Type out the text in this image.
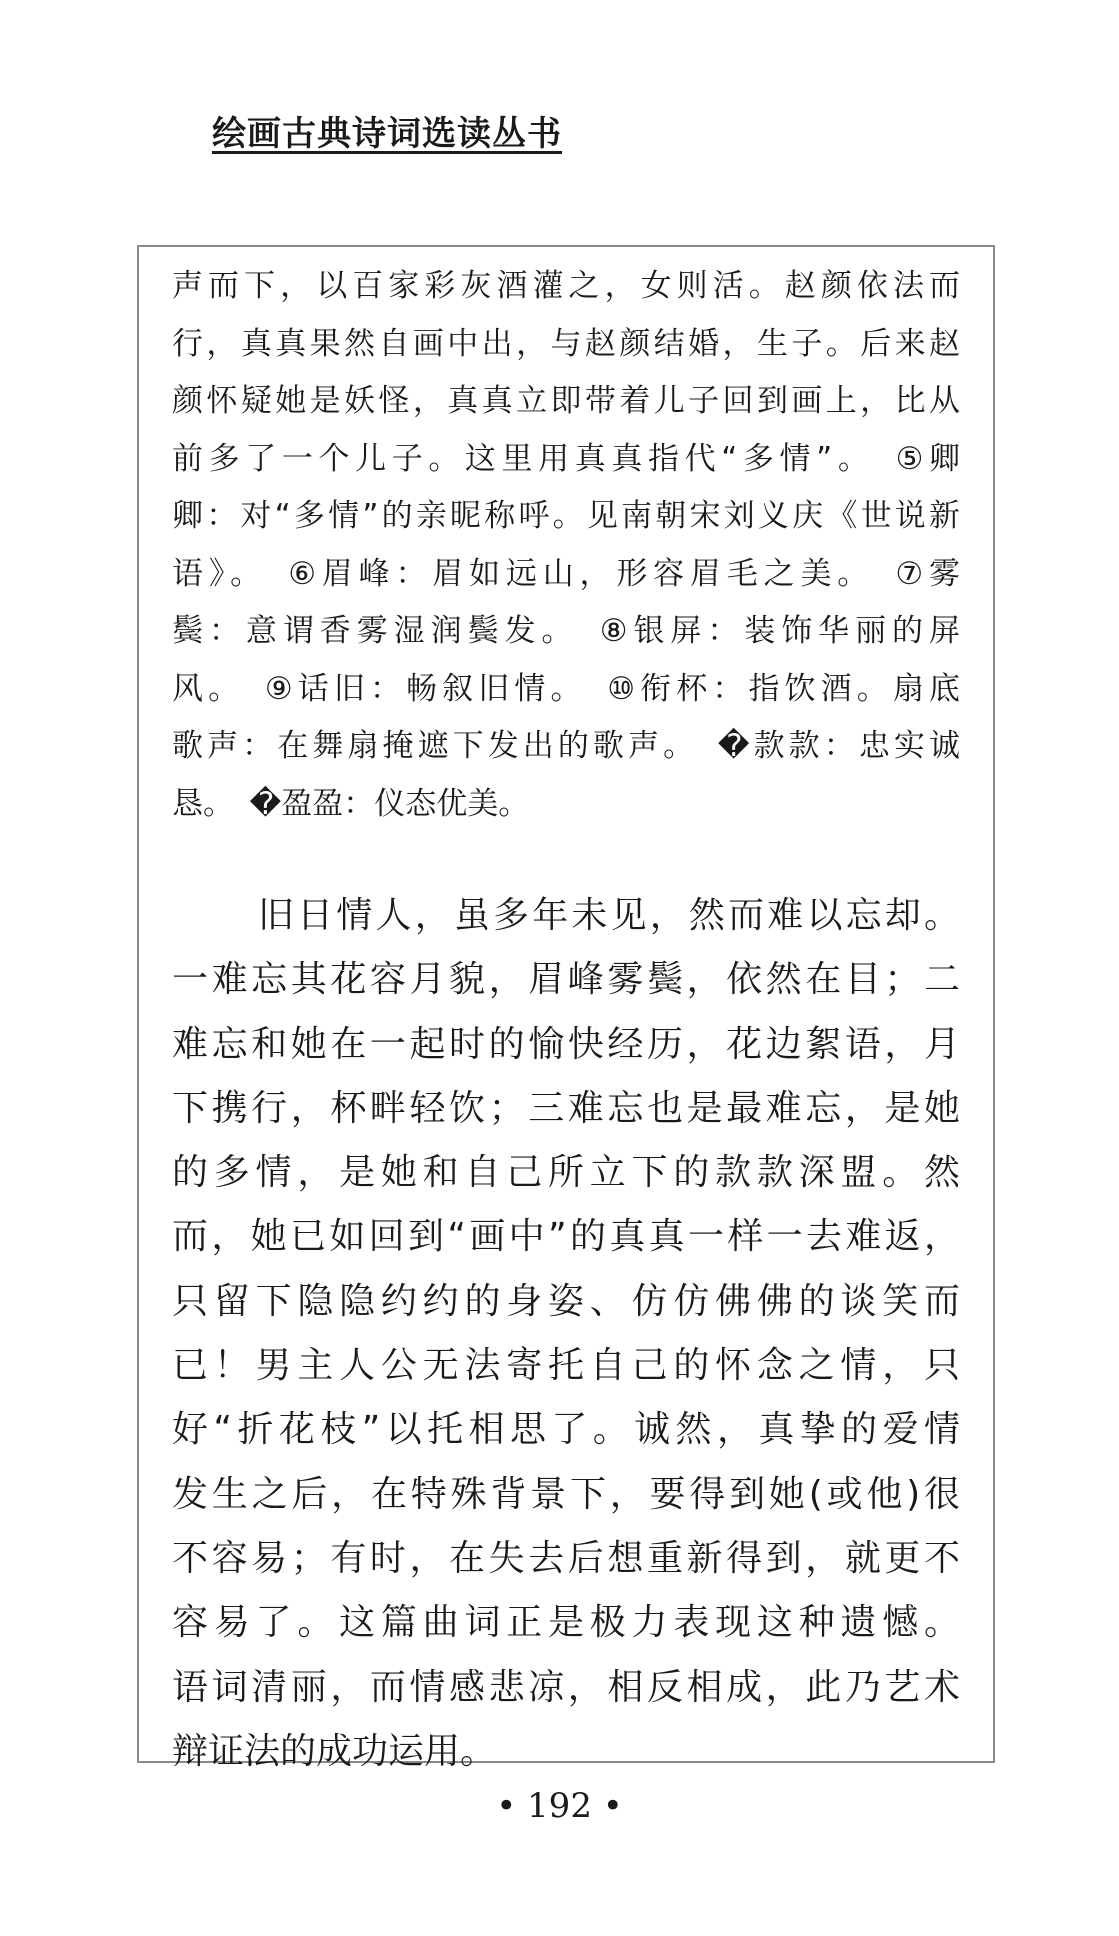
绘画古典诗词选读丛书
声而下，以百家彩灰酒灌之，女则活。赵颜依法而
行，真真果然自画中出，与赵颜结婚，生子。后来赵
颜怀疑她是妖怪，真真立即带着儿子回到画上，比从
前多了一个儿子。这里用真真指代“多情”。　⑤卿
卿：对“多情”的亲昵称呼。见南朝宋刘义庆《世说新
语》。　⑥眉峰：眉如远山，形容眉毛之美。　⑦雾
鬓：意谓香雾湿润鬓发。　⑧银屏：装饰华丽的屏
风。　⑨话旧：畅叙旧情。　⑩衔杯：指饮酒。扇底
歌声：在舞扇掩遮下发出的歌声。　�款款：忠实诚
恳。　�盈盈：仪态优美。
旧日情人，虽多年未见，然而难以忘却。
一难忘其花容月貌，眉峰雾鬓，依然在目；二
难忘和她在一起时的愉快经历，花边絮语，月
下携行，杯畔轻饮；三难忘也是最难忘，是她
的多情，是她和自己所立下的款款深盟。然
而，她已如回到“画中”的真真一样一去难返，
只留下隐隐约约的身姿、仿仿佛佛的谈笑而
已！男主人公无法寄托自己的怀念之情，只
好“折花枝”以托相思了。诚然，真挚的爱情
发生之后，在特殊背景下，要得到她(或他)很
不容易；有时，在失去后想重新得到，就更不
容易了。这篇曲词正是极力表现这种遗憾。
语词清丽，而情感悲凉，相反相成，此乃艺术
辩证法的成功运用。
• 192 •
